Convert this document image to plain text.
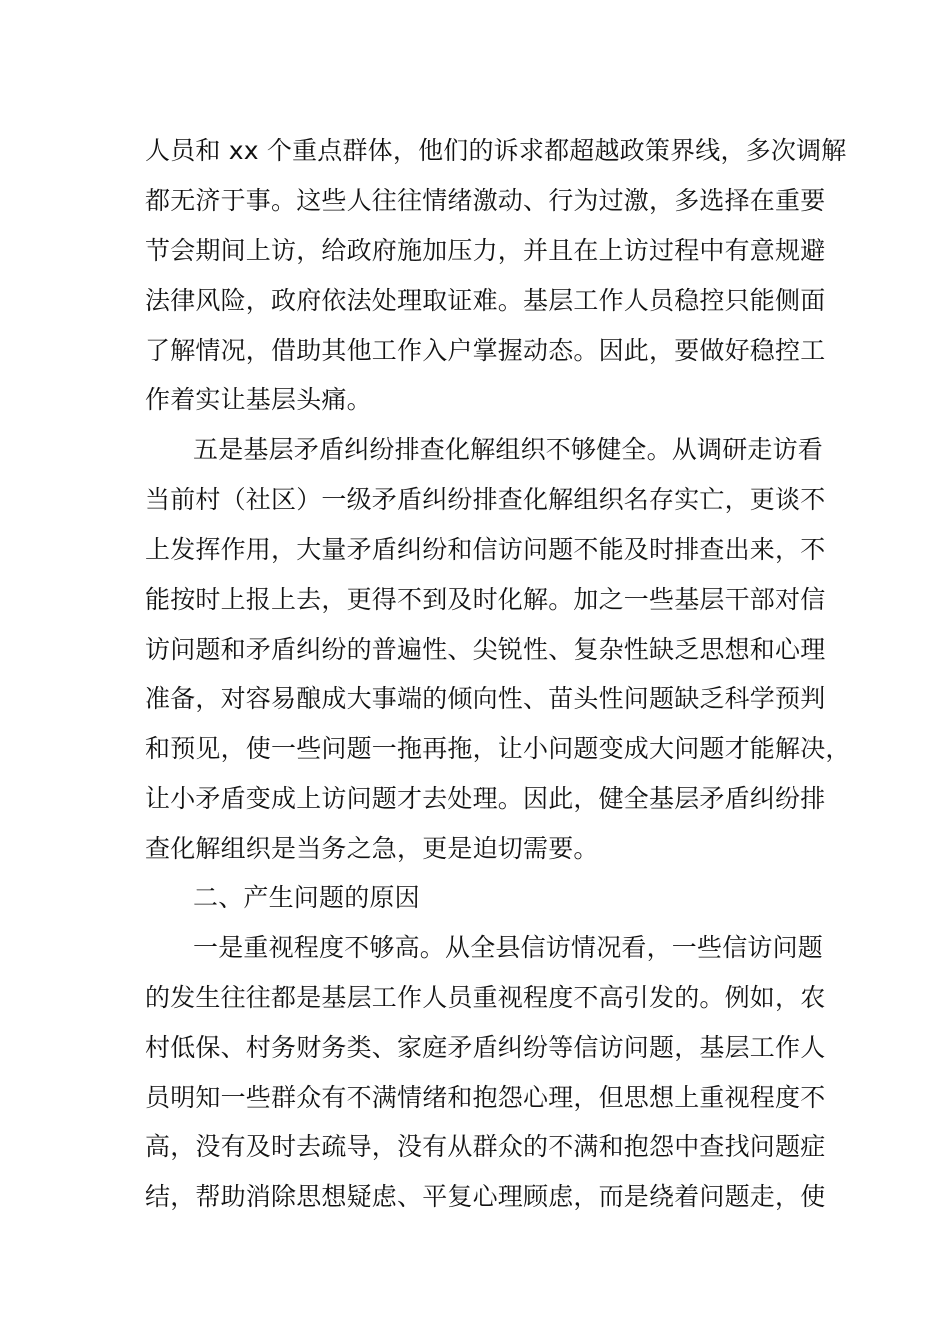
人员和 xx 个重点群体，他们的诉求都超越政策界线，多次调解
都无济于事。这些人往往情绪激动、行为过激，多选择在重要
节会期间上访，给政府施加压力，并且在上访过程中有意规避
法律风险，政府依法处理取证难。基层工作人员稳控只能侧面
了解情况，借助其他工作入户掌握动态。因此，要做好稳控工
作着实让基层头痛。
五是基层矛盾纠纷排查化解组织不够健全。从调研走访看
当前村（社区）一级矛盾纠纷排查化解组织名存实亡，更谈不
上发挥作用，大量矛盾纠纷和信访问题不能及时排查出来，不
能按时上报上去，更得不到及时化解。加之一些基层干部对信
访问题和矛盾纠纷的普遍性、尖锐性、复杂性缺乏思想和心理
准备，对容易酿成大事端的倾向性、苗头性问题缺乏科学预判
和预见，使一些问题一拖再拖，让小问题变成大问题才能解决，
让小矛盾变成上访问题才去处理。因此，健全基层矛盾纠纷排
查化解组织是当务之急，更是迫切需要。
二、产生问题的原因
一是重视程度不够高。从全县信访情况看，一些信访问题
的发生往往都是基层工作人员重视程度不高引发的。例如，农
村低保、村务财务类、家庭矛盾纠纷等信访问题，基层工作人
员明知一些群众有不满情绪和抱怨心理，但思想上重视程度不
高，没有及时去疏导，没有从群众的不满和抱怨中查找问题症
结，帮助消除思想疑虑、平复心理顾虑，而是绕着问题走，使
